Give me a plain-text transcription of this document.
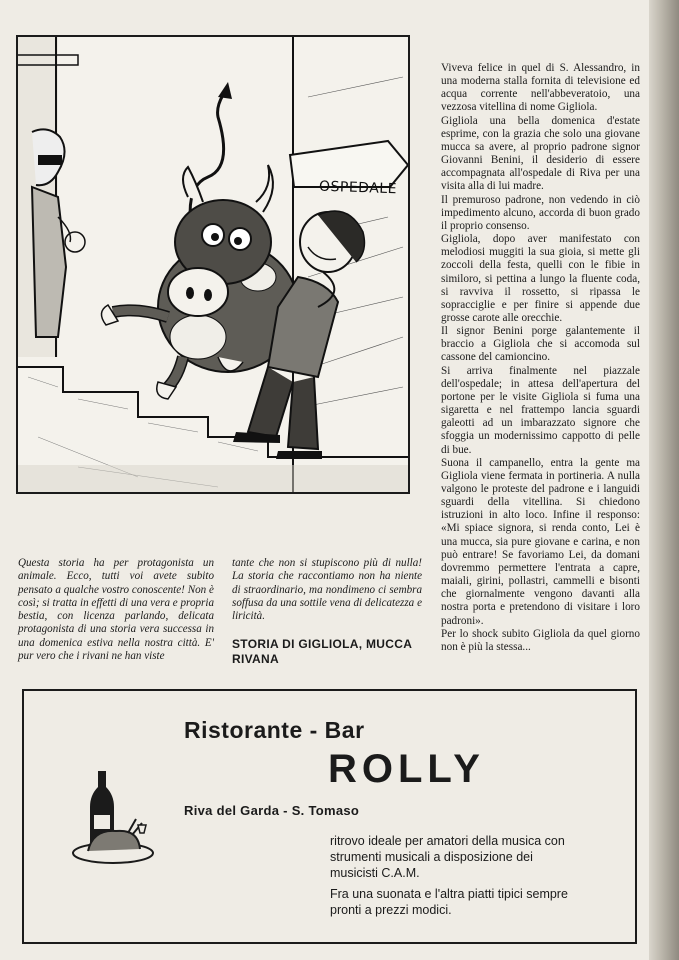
OSPEDALE

Viveva felice in quel di S. Alessandro, in una moderna stalla fornita di televisione ed acqua corrente nell'abbeveratoio, una vezzosa vitellina di nome Gigliola.

Gigliola una bella domenica d'estate esprime, con la grazia che solo una giovane mucca sa avere, al proprio padrone signor Giovanni Benini, il desiderio di essere accompagnata all'ospedale di Riva per una visita alla di lui madre.

Il premuroso padrone, non vedendo in ciò impedimento alcuno, accorda di buon grado il proprio consenso.

Gigliola, dopo aver manifestato con melodiosi muggiti la sua gioia, si mette gli zoccoli della festa, quelli con le fibie in similoro, si pettina a lungo la fluente coda, si ravviva il rossetto, si ripassa le sopracciglie e per finire si appende due grosse carote alle orecchie.

Il signor Benini porge galantemente il braccio a Gigliola che si accomoda sul cassone del camioncino.

Si arriva finalmente nel piazzale dell'ospedale; in attesa dell'apertura del portone per le visite Gigliola si fuma una sigaretta e nel frattempo lancia sguardi galeotti ad un imbarazzato signore che sfoggia un modernissimo cappotto di pelle di bue.

Suona il campanello, entra la gente ma Gigliola viene fermata in portineria. A nulla valgono le proteste del padrone e i languidi sguardi della vitellina. Si chiedono istruzioni in alto loco. Infine il responso: «Mi spiace signora, si renda conto, Lei è una mucca, sia pure giovane e carina, e non può entrare! Se favoriamo Lei, da domani dovremmo permettere l'entrata a capre, maiali, girini, pollastri, cammelli e bisonti che giornalmente vengono davanti alla nostra porta e pretendono di visitare i loro padroni».

Per lo shock subito Gigliola da quel giorno non è più la stessa...

Questa storia ha per protagonista un animale. Ecco, tutti voi avete subito pensato a qualche vostro conoscente! Non è così; si tratta in effetti di una vera e propria bestia, con licenza parlando, delicata protagonista di una storia vera successa in una domenica estiva nella nostra città. E' pur vero che i rivani ne han viste
tante che non si stupiscono più di nulla! La storia che raccontiamo non ha niente di straordinario, ma nondimeno ci sembra soffusa da una sottile vena di delicatezza e liricità.
STORIA DI GIGLIOLA, MUCCA RIVANA
Ristorante - Bar
ROLLY
Riva del Garda - S. Tomaso
ritrovo ideale per amatori della musica con strumenti musicali a disposizione dei musicisti C.A.M.
Fra una suonata e l'altra piatti tipici sempre pronti a prezzi modici.
